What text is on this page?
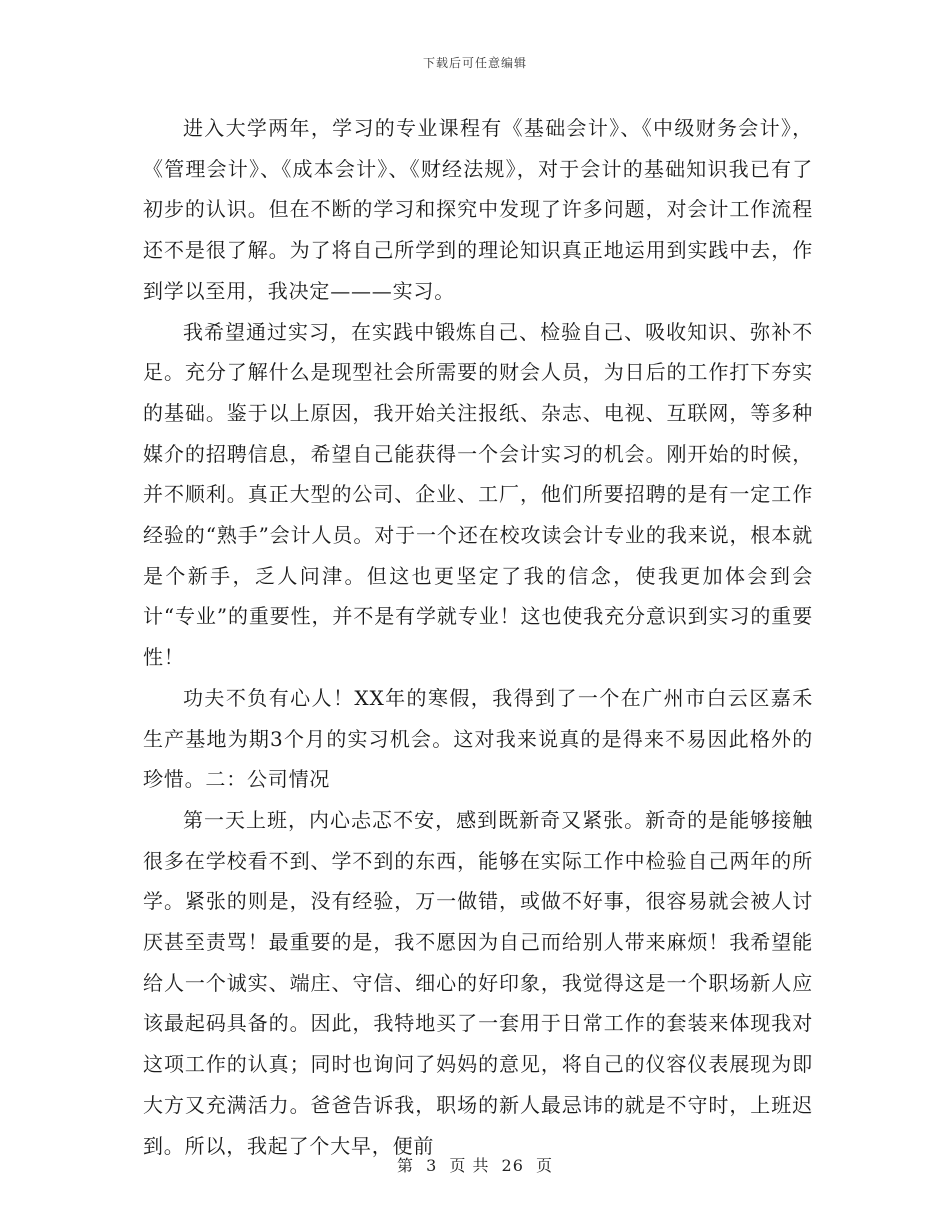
下载后可任意编辑

进入大学两年，学习的专业课程有《基础会计》、《中级财务会计》，《管理会计》、《成本会计》、《财经法规》，对于会计的基础知识我已有了初步的认识。但在不断的学习和探究中发现了许多问题，对会计工作流程还不是很了解。为了将自己所学到的理论知识真正地运用到实践中去，作到学以至用，我决定———实习。

我希望通过实习，在实践中锻炼自己、检验自己、吸收知识、弥补不足。充分了解什么是现型社会所需要的财会人员，为日后的工作打下夯实的基础。鉴于以上原因，我开始关注报纸、杂志、电视、互联网，等多种媒介的招聘信息，希望自己能获得一个会计实习的机会。刚开始的时候，并不顺利。真正大型的公司、企业、工厂，他们所要招聘的是有一定工作经验的“熟手”会计人员。对于一个还在校攻读会计专业的我来说，根本就是个新手，乏人问津。但这也更坚定了我的信念，使我更加体会到会计“专业”的重要性，并不是有学就专业！这也使我充分意识到实习的重要性！

功夫不负有心人！XX年的寒假，我得到了一个在广州市白云区嘉禾生产基地为期3个月的实习机会。这对我来说真的是得来不易因此格外的珍惜。二：公司情况

第一天上班，内心忐忑不安，感到既新奇又紧张。新奇的是能够接触很多在学校看不到、学不到的东西，能够在实际工作中检验自己两年的所学。紧张的则是，没有经验，万一做错，或做不好事，很容易就会被人讨厌甚至责骂！最重要的是，我不愿因为自己而给别人带来麻烦！我希望能给人一个诚实、端庄、守信、细心的好印象，我觉得这是一个职场新人应该最起码具备的。因此，我特地买了一套用于日常工作的套装来体现我对这项工作的认真；同时也询问了妈妈的意见，将自己的仪容仪表展现为即大方又充满活力。爸爸告诉我，职场的新人最忌讳的就是不守时，上班迟到。所以，我起了个大早，便前

第 3 页 共 26 页
